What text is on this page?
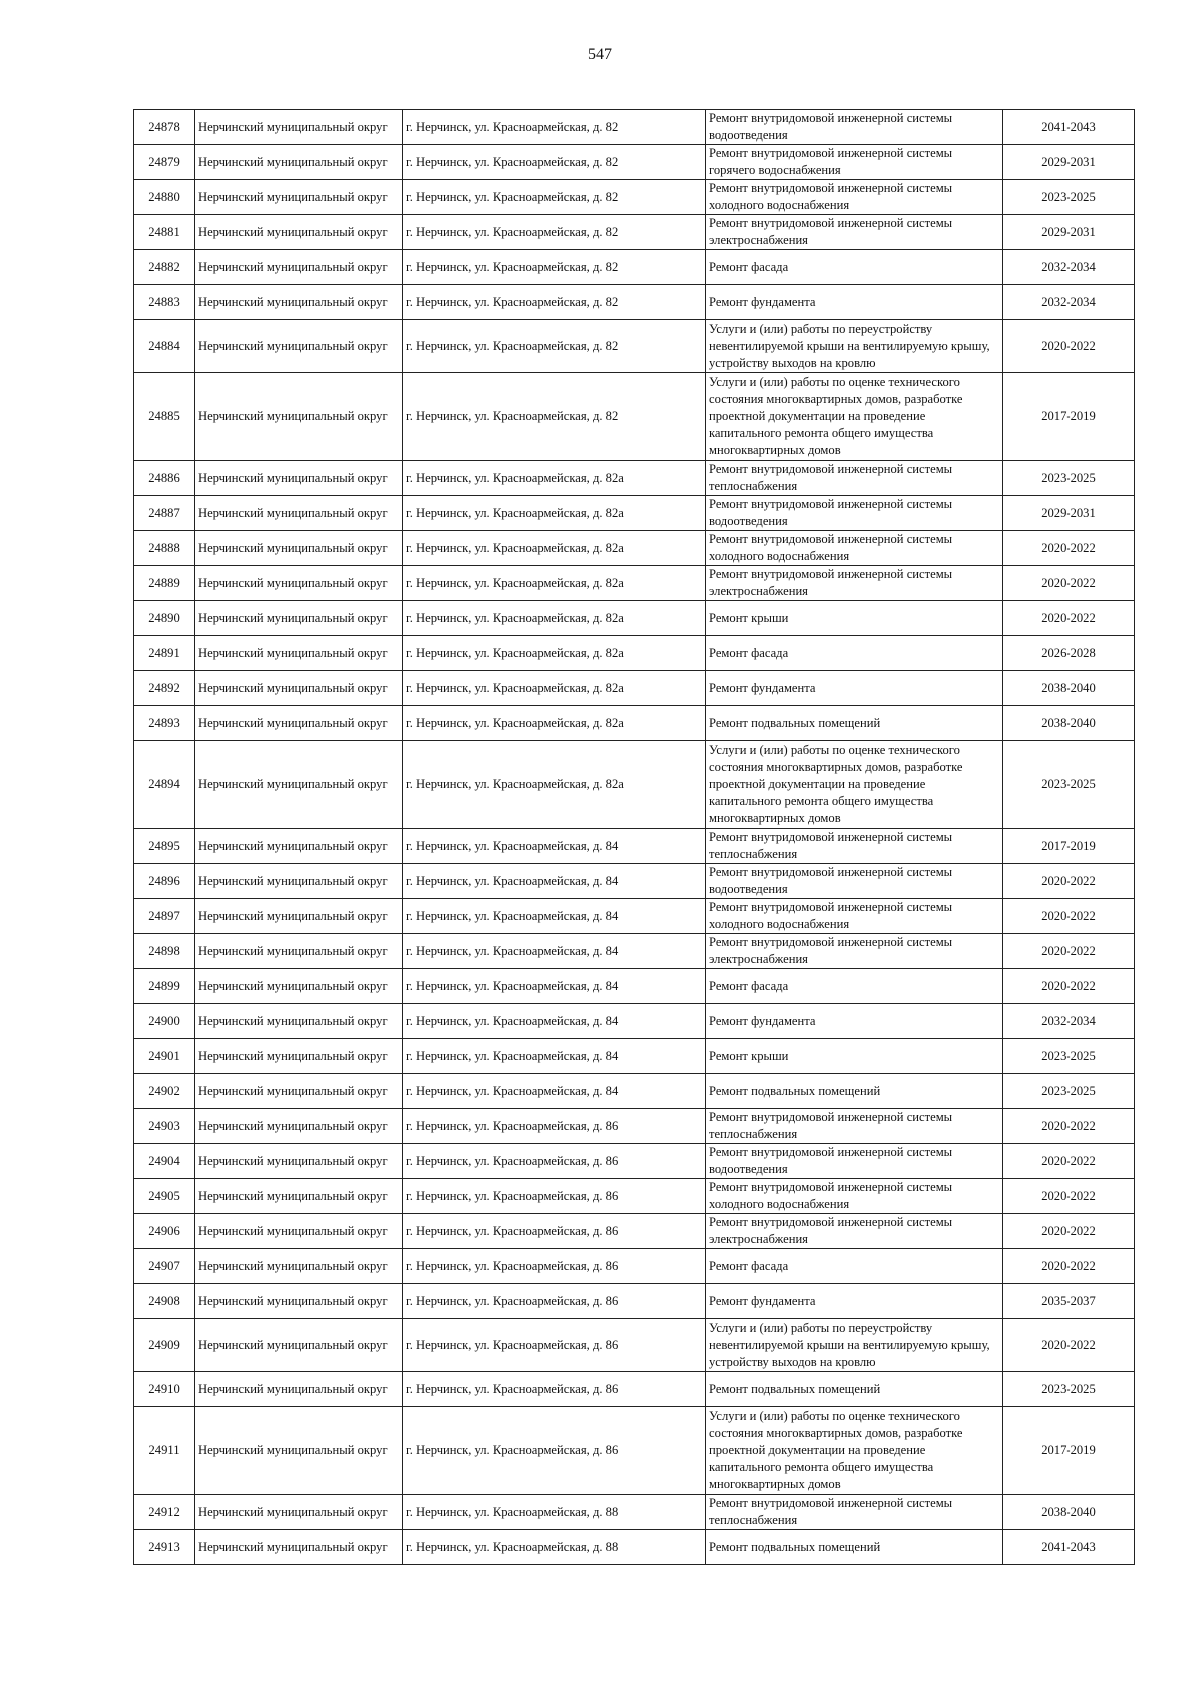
547
24878	Нерчинский муниципальный округ	г. Нерчинск, ул. Красноармейская, д. 82	Ремонт внутридомовой инженерной системы водоотведения	2041-2043
24879	Нерчинский муниципальный округ	г. Нерчинск, ул. Красноармейская, д. 82	Ремонт внутридомовой инженерной системы горячего водоснабжения	2029-2031
24880	Нерчинский муниципальный округ	г. Нерчинск, ул. Красноармейская, д. 82	Ремонт внутридомовой инженерной системы холодного водоснабжения	2023-2025
24881	Нерчинский муниципальный округ	г. Нерчинск, ул. Красноармейская, д. 82	Ремонт внутридомовой инженерной системы электроснабжения	2029-2031
24882	Нерчинский муниципальный округ	г. Нерчинск, ул. Красноармейская, д. 82	Ремонт фасада	2032-2034
24883	Нерчинский муниципальный округ	г. Нерчинск, ул. Красноармейская, д. 82	Ремонт фундамента	2032-2034
24884	Нерчинский муниципальный округ	г. Нерчинск, ул. Красноармейская, д. 82	Услуги и (или) работы по переустройству невентилируемой крыши на вентилируемую крышу, устройству выходов на кровлю	2020-2022
24885	Нерчинский муниципальный округ	г. Нерчинск, ул. Красноармейская, д. 82	Услуги и (или) работы по оценке технического состояния многоквартирных домов, разработке проектной документации на проведение капитального ремонта общего имущества многоквартирных домов	2017-2019
24886	Нерчинский муниципальный округ	г. Нерчинск, ул. Красноармейская, д. 82а	Ремонт внутридомовой инженерной системы теплоснабжения	2023-2025
24887	Нерчинский муниципальный округ	г. Нерчинск, ул. Красноармейская, д. 82а	Ремонт внутридомовой инженерной системы водоотведения	2029-2031
24888	Нерчинский муниципальный округ	г. Нерчинск, ул. Красноармейская, д. 82а	Ремонт внутридомовой инженерной системы холодного водоснабжения	2020-2022
24889	Нерчинский муниципальный округ	г. Нерчинск, ул. Красноармейская, д. 82а	Ремонт внутридомовой инженерной системы электроснабжения	2020-2022
24890	Нерчинский муниципальный округ	г. Нерчинск, ул. Красноармейская, д. 82а	Ремонт крыши	2020-2022
24891	Нерчинский муниципальный округ	г. Нерчинск, ул. Красноармейская, д. 82а	Ремонт фасада	2026-2028
24892	Нерчинский муниципальный округ	г. Нерчинск, ул. Красноармейская, д. 82а	Ремонт фундамента	2038-2040
24893	Нерчинский муниципальный округ	г. Нерчинск, ул. Красноармейская, д. 82а	Ремонт подвальных помещений	2038-2040
24894	Нерчинский муниципальный округ	г. Нерчинск, ул. Красноармейская, д. 82а	Услуги и (или) работы по оценке технического состояния многоквартирных домов, разработке проектной документации на проведение капитального ремонта общего имущества многоквартирных домов	2023-2025
24895	Нерчинский муниципальный округ	г. Нерчинск, ул. Красноармейская, д. 84	Ремонт внутридомовой инженерной системы теплоснабжения	2017-2019
24896	Нерчинский муниципальный округ	г. Нерчинск, ул. Красноармейская, д. 84	Ремонт внутридомовой инженерной системы водоотведения	2020-2022
24897	Нерчинский муниципальный округ	г. Нерчинск, ул. Красноармейская, д. 84	Ремонт внутридомовой инженерной системы холодного водоснабжения	2020-2022
24898	Нерчинский муниципальный округ	г. Нерчинск, ул. Красноармейская, д. 84	Ремонт внутридомовой инженерной системы электроснабжения	2020-2022
24899	Нерчинский муниципальный округ	г. Нерчинск, ул. Красноармейская, д. 84	Ремонт фасада	2020-2022
24900	Нерчинский муниципальный округ	г. Нерчинск, ул. Красноармейская, д. 84	Ремонт фундамента	2032-2034
24901	Нерчинский муниципальный округ	г. Нерчинск, ул. Красноармейская, д. 84	Ремонт крыши	2023-2025
24902	Нерчинский муниципальный округ	г. Нерчинск, ул. Красноармейская, д. 84	Ремонт подвальных помещений	2023-2025
24903	Нерчинский муниципальный округ	г. Нерчинск, ул. Красноармейская, д. 86	Ремонт внутридомовой инженерной системы теплоснабжения	2020-2022
24904	Нерчинский муниципальный округ	г. Нерчинск, ул. Красноармейская, д. 86	Ремонт внутридомовой инженерной системы водоотведения	2020-2022
24905	Нерчинский муниципальный округ	г. Нерчинск, ул. Красноармейская, д. 86	Ремонт внутридомовой инженерной системы холодного водоснабжения	2020-2022
24906	Нерчинский муниципальный округ	г. Нерчинск, ул. Красноармейская, д. 86	Ремонт внутридомовой инженерной системы электроснабжения	2020-2022
24907	Нерчинский муниципальный округ	г. Нерчинск, ул. Красноармейская, д. 86	Ремонт фасада	2020-2022
24908	Нерчинский муниципальный округ	г. Нерчинск, ул. Красноармейская, д. 86	Ремонт фундамента	2035-2037
24909	Нерчинский муниципальный округ	г. Нерчинск, ул. Красноармейская, д. 86	Услуги и (или) работы по переустройству невентилируемой крыши на вентилируемую крышу, устройству выходов на кровлю	2020-2022
24910	Нерчинский муниципальный округ	г. Нерчинск, ул. Красноармейская, д. 86	Ремонт подвальных помещений	2023-2025
24911	Нерчинский муниципальный округ	г. Нерчинск, ул. Красноармейская, д. 86	Услуги и (или) работы по оценке технического состояния многоквартирных домов, разработке проектной документации на проведение капитального ремонта общего имущества многоквартирных домов	2017-2019
24912	Нерчинский муниципальный округ	г. Нерчинск, ул. Красноармейская, д. 88	Ремонт внутридомовой инженерной системы теплоснабжения	2038-2040
24913	Нерчинский муниципальный округ	г. Нерчинск, ул. Красноармейская, д. 88	Ремонт подвальных помещений	2041-2043
